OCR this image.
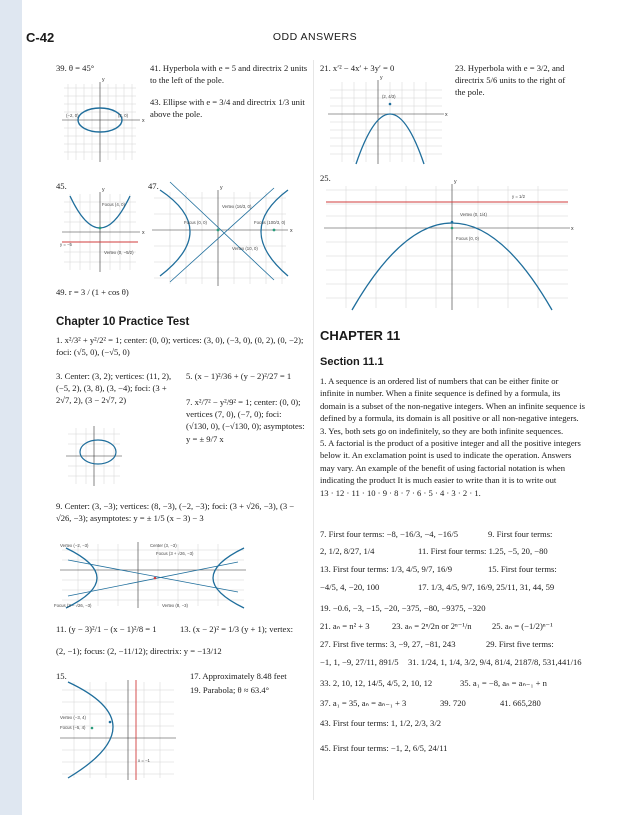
C-42	ODD ANSWERS
39. θ = 45°	41. Hyperbola with e = 5 and directrix 2 units to the left of the pole.
43. Ellipse with e = 3/4 and directrix 1/3 unit above the pole.
x
y
(−2, 0)	(2, 0)
45.	47.
x
y
Focus (4, 0)
y = −5
Vertex (0, −5/2)
x
y
Vertex (16/3, 0)
Focus (0, 0)	Focus (100/3, 0)
Vertex (10, 0)
49. r = 3 / (1 + cos θ)
Chapter 10 Practice Test
1. x²/3² + y²/2² = 1; center: (0, 0); vertices: (3, 0), (−3, 0), (0, 2), (0, −2); foci: (√5, 0), (−√5, 0)
3. Center: (3, 2); vertices: (11, 2), (−5, 2), (3, 8), (3, −4); foci: (3 + 2√7, 2), (3 − 2√7, 2)
5. (x − 1)²/36 + (y − 2)²/27 = 1
7. x²/7² − y²/9² = 1; center: (0, 0); vertices (7, 0), (−7, 0); foci: (√130, 0), (−√130, 0); asymptotes: y = ± 9/7 x
9. Center: (3, −3); vertices: (8, −3), (−2, −3); foci: (3 + √26, −3), (3 − √26, −3); asymptotes: y = ± 1/5 (x − 3) − 3
Vertex (−2, −3)	Center (3, −3)
Focus (3 + √26, −3)
Focus (3 − √26, −3)	Vertex (8, −3)
11. (y − 3)²/1 − (x − 1)²/8 = 1	13. (x − 2)² = 1/3 (y + 1); vertex:
(2, −1); focus: (2, −11/12); directrix: y = −13/12
15.	17. Approximately 8.48 feet
19. Parabola; θ ≈ 63.4°
Vertex (−3, 4)
Focus (−5, 4)
x = −1
21. x′² − 4x′ + 3y′ = 0	23. Hyperbola with e = 3/2, and directrix 5/6 units to the right of the pole.
x
y
(2, 4/3)
25.
x
y
y = 1/2
Vertex (0, 1/4)
Focus (0, 0)
CHAPTER 11
Section 11.1

1. A sequence is an ordered list of numbers that can be either finite or infinite in number. When a finite sequence is defined by a formula, its domain is a subset of the non-negative integers. When an infinite sequence is defined by a formula, its domain is all positive or all non-negative integers.

3. Yes, both sets go on indefinitely, so they are both infinite sequences.

5. A factorial is the product of a positive integer and all the positive integers below it. An exclamation point is used to indicate the operation. Answers may vary. An example of the benefit of using factorial notation is when indicating the product It is much easier to write than it is to write out

13 · 12 · 11 · 10 · 9 · 8 · 7 · 6 · 5 · 4 · 3 · 2 · 1.

7. First four terms: −8, −16/3, −4, −16/5	9. First four terms:
2, 1/2, 8/27, 1/4	11. First four terms: 1.25, −5, 20, −80
13. First four terms: 1/3, 4/5, 9/7, 16/9	15. First four terms:
−4/5, 4, −20, 100	17. 1/3, 4/5, 9/7, 16/9, 25/11, 31, 44, 59
19. −0.6, −3, −15, −20, −375, −80, −9375, −320
21. aₙ = n² + 3	23. aₙ = 2ⁿ/2n or 2ⁿ⁻¹/n 25. aₙ = (−1/2)ⁿ⁻¹
27. First five terms: 3, −9, 27, −81, 243	29. First five terms:
−1, 1, −9, 27/11, 891/5 31. 1/24, 1, 1/4, 3/2, 9/4, 81/4, 2187/8, 531,441/16
33. 2, 10, 12, 14/5, 4/5, 2, 10, 12	35. a₁ = −8, aₙ = aₙ₋₁ + n
37. a₁ = 35, aₙ = aₙ₋₁ + 3	39. 720	41. 665,280
43. First four terms: 1, 1/2, 2/3, 3/2
45. First four terms: −1, 2, 6/5, 24/11
